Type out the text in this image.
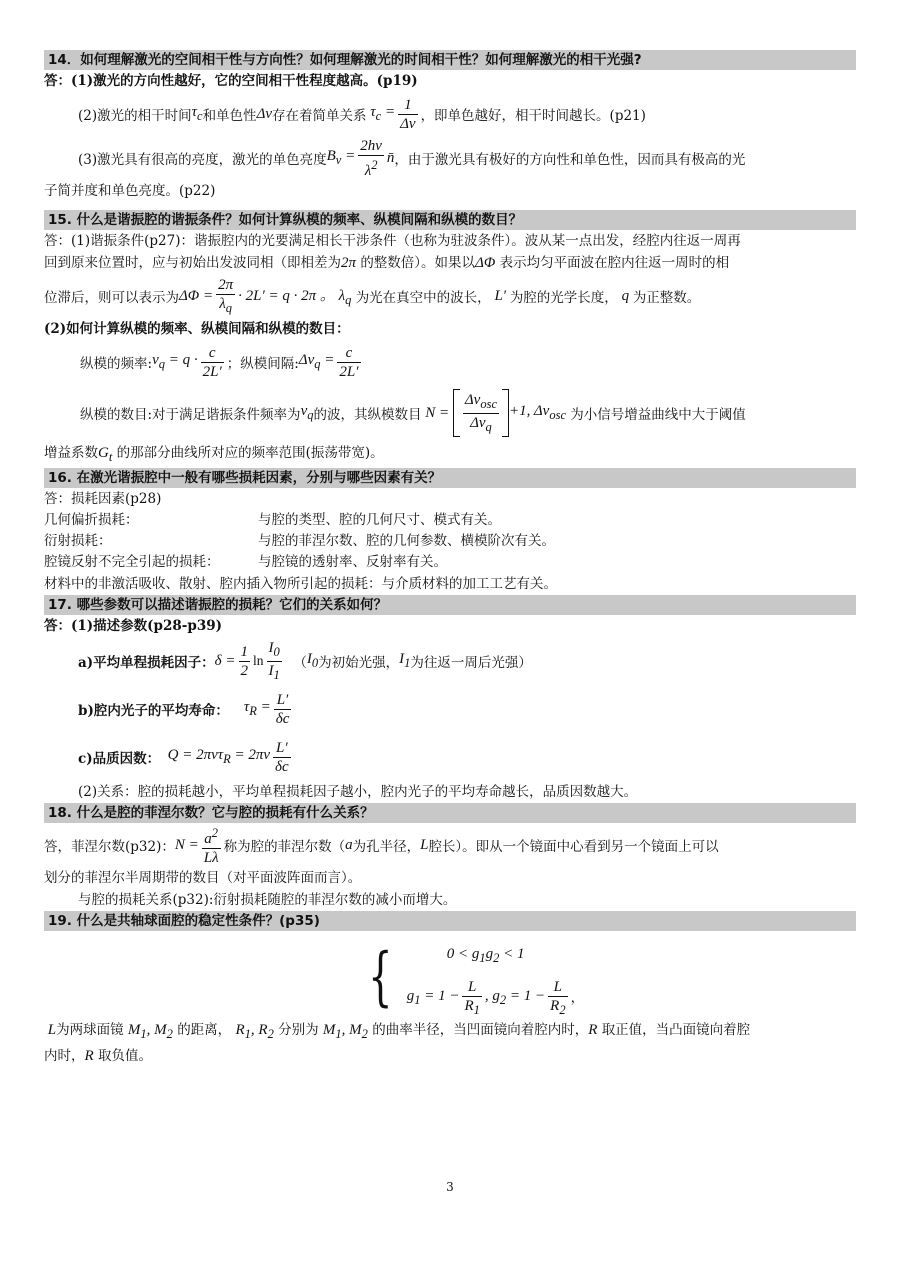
14．如何理解激光的空间相干性与方向性？如何理解激光的时间相干性？如何理解激光的相干光强?
答：(1)激光的方向性越好，它的空间相干性程度越高。(p19)
(2)激光的相干时间 $\tau_c$ 和单色性 Δν 存在着简单关系 $\tau_c = \frac{1}{\Delta\nu}$ ，即单色越好，相干时间越长。(p21)
(3)激光具有很高的亮度，激光的单色亮度 $B_\nu = \frac{2h\nu}{\lambda^2}$ n̄ ，由于激光具有极好的方向性和单色性，因而具有极高的光
子简并度和单色亮度。(p22)
15. 什么是谐振腔的谐振条件？如何计算纵模的频率、纵模间隔和纵模的数目？
答：(1)谐振条件(p27)：谐振腔内的光要满足相长干涉条件（也称为驻波条件）。波从某一点出发，经腔内往返一周再
回到原来位置时，应与初始出发波同相（即相差为2π 的整数倍）。如果以ΔΦ 表示均匀平面波在腔内往返一周时的相
位滞后，则可以表示为 $\Delta\Phi = \frac{2\pi}{\lambda_q} \cdot 2L' = q \cdot 2\pi$ 。 $\lambda_q$
为光在真空中的波长， L′ 为腔的光学长度， q 为正整数。
(2)如何计算纵模的频率、纵模间隔和纵模的数目：
纵模的频率: $\nu_q = q \cdot \frac{c}{2L'}$ ；纵模间隔: $\Delta\nu_q = \frac{c}{2L'}$
纵模的数目:对于满足谐振条件频率为 $\nu_q$ 的波，其纵模数目 $N = \frac{\Delta\nu_{osc}}{\Delta\nu_q} +1$, $\Delta\nu_{osc}$
为小信号增益曲线中大于阈值
增益系数$G_t$ 的那部分曲线所对应的频率范围(振荡带宽)。
16. 在激光谐振腔中一般有哪些损耗因素，分别与哪些因素有关？
答：损耗因素(p28)
几何偏折损耗：	与腔的类型、腔的几何尺寸、模式有关。
衍射损耗：	与腔的菲涅尔数、腔的几何参数、横模阶次有关。
腔镜反射不完全引起的损耗：	与腔镜的透射率、反射率有关。
材料中的非激活吸收、散射、腔内插入物所引起的损耗：与介质材料的加工工艺有关。
17. 哪些参数可以描述谐振腔的损耗？它们的关系如何？
答：(1)描述参数(p28-p39)
a)平均单程损耗因子： $\delta = \frac{1}{2}$ $\ln \frac{I_0}{I_1}$
（ $I_0$ 为初始光强， $I_1$ 为往返一周后光强）
b)腔内光子的平均寿命： $\tau_R = \frac{L'}{\delta c}$
c)品质因数： $Q = 2\pi\nu\tau_R = 2\pi\nu \frac{L'}{\delta c}$
(2)关系：腔的损耗越小，平均单程损耗因子越小，腔内光子的平均寿命越长，品质因数越大。
18. 什么是腔的菲涅尔数？它与腔的损耗有什么关系？
答，菲涅尔数(p32)： $N = \frac{a^2}{L\lambda}$ 称为腔的菲涅尔数（ a 为孔半径， L 腔长）。即从一个镜面中心看到另一个镜面上可以
划分的菲涅尔半周期带的数目（对平面波阵面而言）。
与腔的损耗关系(p32):衍射损耗随腔的菲涅尔数的减小而增大。
19. 什么是共轴球面腔的稳定性条件？(p35)
{	$0 < g_1g_2 < 1$
$g_1 = 1 - \frac{L}{R_1}$ , $g_2 = 1 - \frac{L}{R_2}$ ，
L为两球面镜 $M_1$, $M_2$ 的距离， $R_1$, $R_2$ 分别为 $M_1$, $M_2$ 的曲率半径，当凹面镜向着腔内时，R 取正值，当凸面镜向着腔
内时，R 取负值。
3
